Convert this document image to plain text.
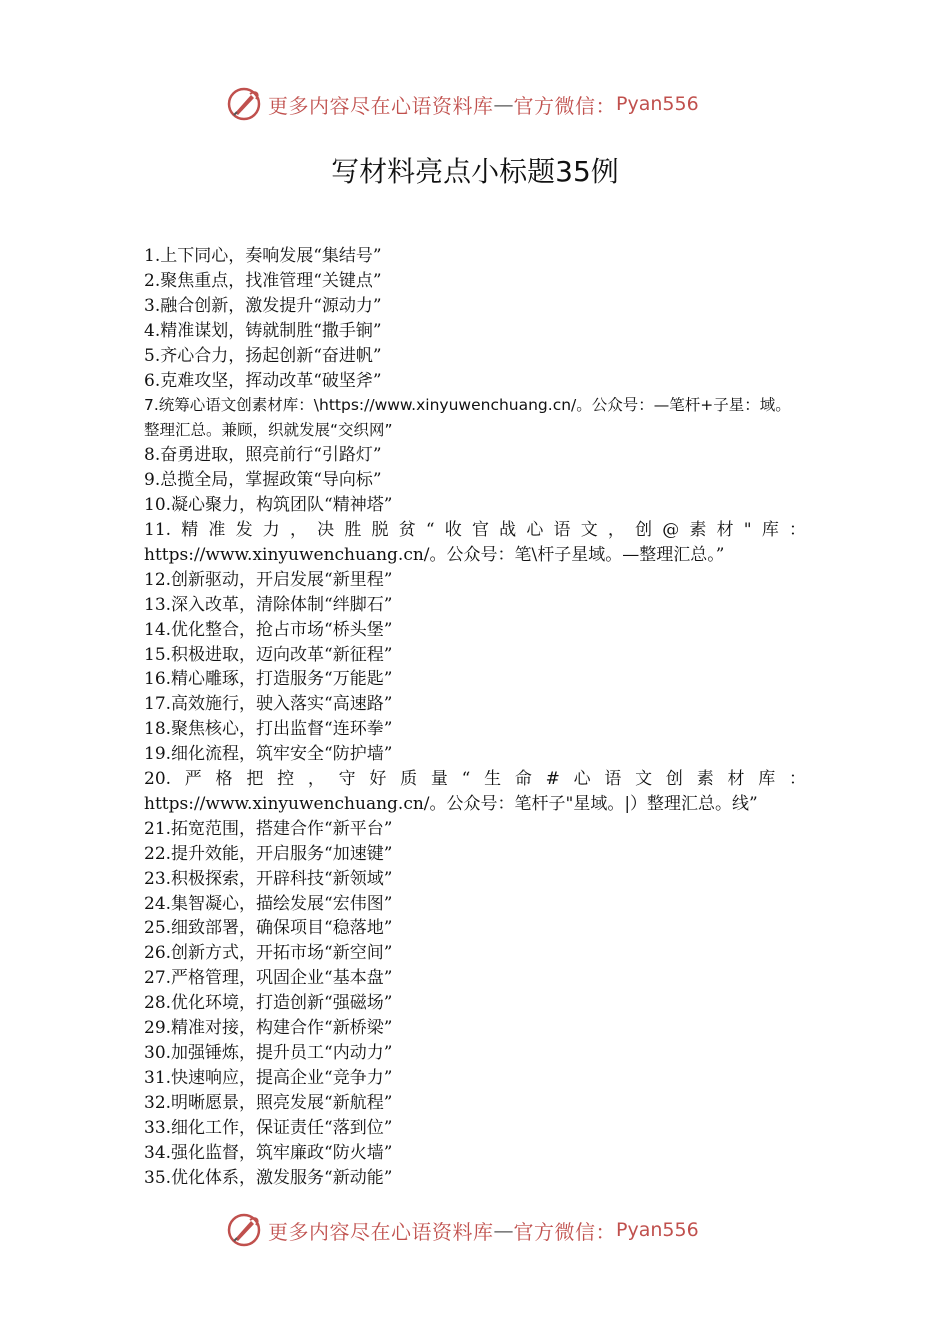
更多内容尽在心语资料库 — 官方微信： Pyan556
写材料亮点小标题35例
1.上下同心，奏响发展“集结号”
2.聚焦重点，找准管理“关键点”
3.融合创新，激发提升“源动力”
4.精准谋划，铸就制胜“撒手锏”
5.齐心合力，扬起创新“奋进帆”
6.克难攻坚，挥动改革“破坚斧”
7.统筹心语文创素材库：\https://www.xinyuwenchuang.cn/。公众号：—笔杆+子星：域。整理汇总。兼顾，织就发展“交织网”
8.奋勇进取，照亮前行“引路灯”
9.总揽全局，掌握政策“导向标”
10.凝心聚力，构筑团队“精神塔”
11.精准发力，决胜脱贫“收官战心语文，创@素材"库：https://www.xinyuwenchuang.cn/。公众号：笔\杆子星域。—整理汇总。”
12.创新驱动，开启发展“新里程”
13.深入改革，清除体制“绊脚石”
14.优化整合，抢占市场“桥头堡”
15.积极进取，迈向改革“新征程”
16.精心雕琢，打造服务“万能匙”
17.高效施行，驶入落实“高速路”
18.聚焦核心，打出监督“连环拳”
19.细化流程，筑牢安全“防护墙”
20.严格把控，守好质量“生命#心语文创素材库：https://www.xinyuwenchuang.cn/。公众号：笔杆子"星域。|）整理汇总。线”
21.拓宽范围，搭建合作“新平台”
22.提升效能，开启服务“加速键”
23.积极探索，开辟科技“新领域”
24.集智凝心，描绘发展“宏伟图”
25.细致部署，确保项目“稳落地”
26.创新方式，开拓市场“新空间”
27.严格管理，巩固企业“基本盘”
28.优化环境，打造创新“强磁场”
29.精准对接，构建合作“新桥梁”
30.加强锤炼，提升员工“内动力”
31.快速响应，提高企业“竞争力”
32.明晰愿景，照亮发展“新航程”
33.细化工作，保证责任“落到位”
34.强化监督，筑牢廉政“防火墙”
35.优化体系，激发服务“新动能”
更多内容尽在心语资料库 — 官方微信： Pyan556
